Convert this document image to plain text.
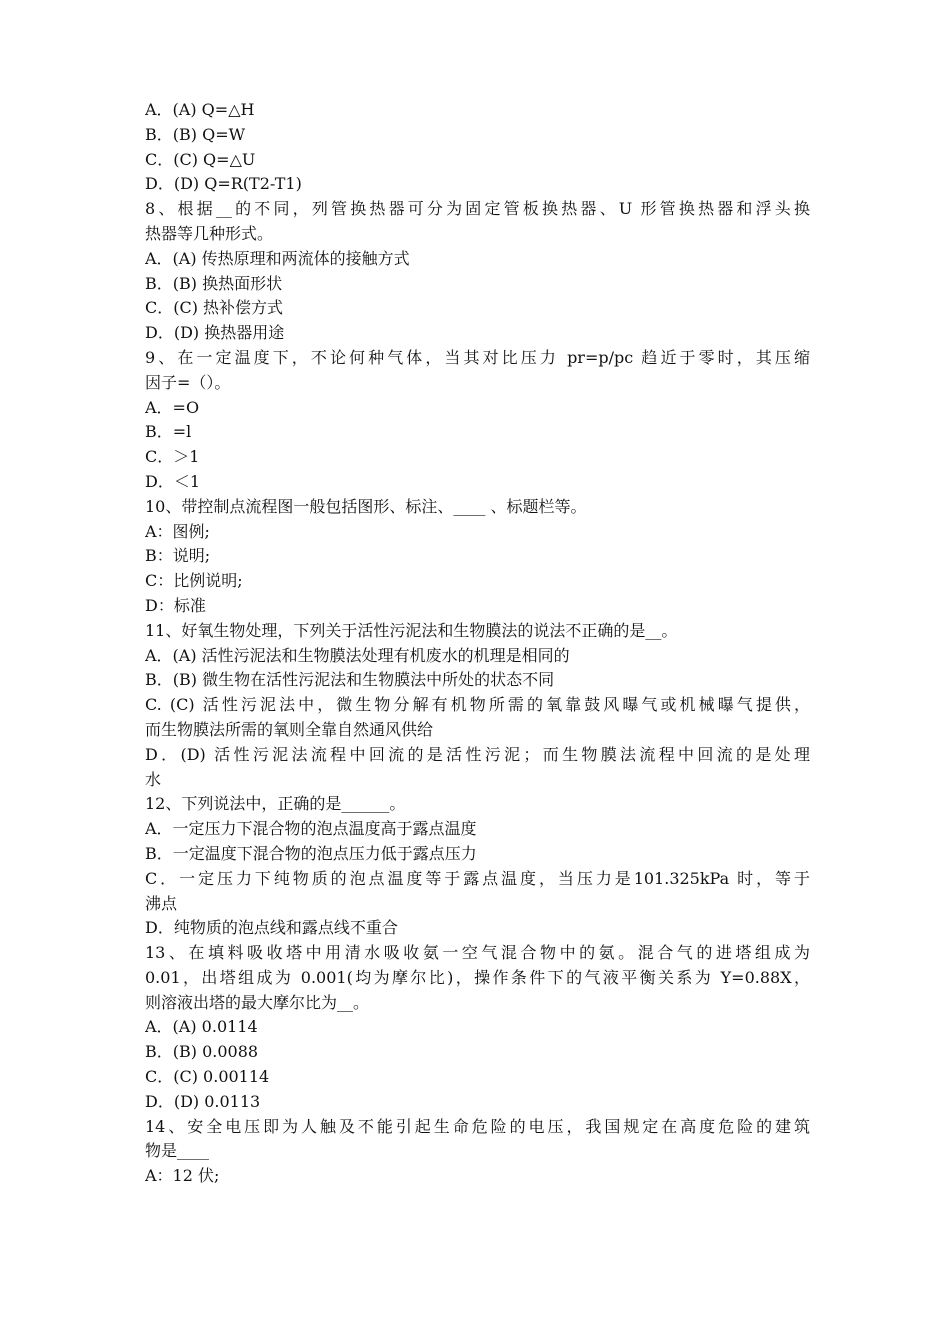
A．(A) Q=△H
B．(B) Q=W
C．(C) Q=△U
D．(D) Q=R(T2-T1)
8、根据__的不同，列管换热器可分为固定管板换热器、U 形管换热器和浮头换
热器等几种形式。
A．(A) 传热原理和两流体的接触方式
B．(B) 换热面形状
C．(C) 热补偿方式
D．(D) 换热器用途
9、在一定温度下，不论何种气体，当其对比压力 pr=p/pc 趋近于零时，其压缩
因子=（）。
A．=O
B．=l
C．＞1
D．＜1
10、带控制点流程图一般包括图形、标注、____ 、标题栏等。
A：图例;
B：说明;
C：比例说明;
D：标准
11、好氧生物处理，下列关于活性污泥法和生物膜法的说法不正确的是__。
A．(A) 活性污泥法和生物膜法处理有机废水的机理是相同的
B．(B) 微生物在活性污泥法和生物膜法中所处的状态不同
C. (C) 活性污泥法中，微生物分解有机物所需的氧靠鼓风曝气或机械曝气提供，
而生物膜法所需的氧则全靠自然通风供给
D．(D) 活性污泥法流程中回流的是活性污泥；而生物膜法流程中回流的是处理
水
12、下列说法中，正确的是______。
A．一定压力下混合物的泡点温度高于露点温度
B．一定温度下混合物的泡点压力低于露点压力
C．一定压力下纯物质的泡点温度等于露点温度，当压力是101.325kPa 时，等于
沸点
D．纯物质的泡点线和露点线不重合
13、在填料吸收塔中用清水吸收氨一空气混合物中的氨。混合气的进塔组成为
0.01，出塔组成为 0.001(均为摩尔比)，操作条件下的气液平衡关系为 Y=0.88X，
则溶液出塔的最大摩尔比为__。
A．(A) 0.0114
B．(B) 0.0088
C．(C) 0.00114
D．(D) 0.0113
14、安全电压即为人触及不能引起生命危险的电压，我国规定在高度危险的建筑
物是____
A：12 伏;
